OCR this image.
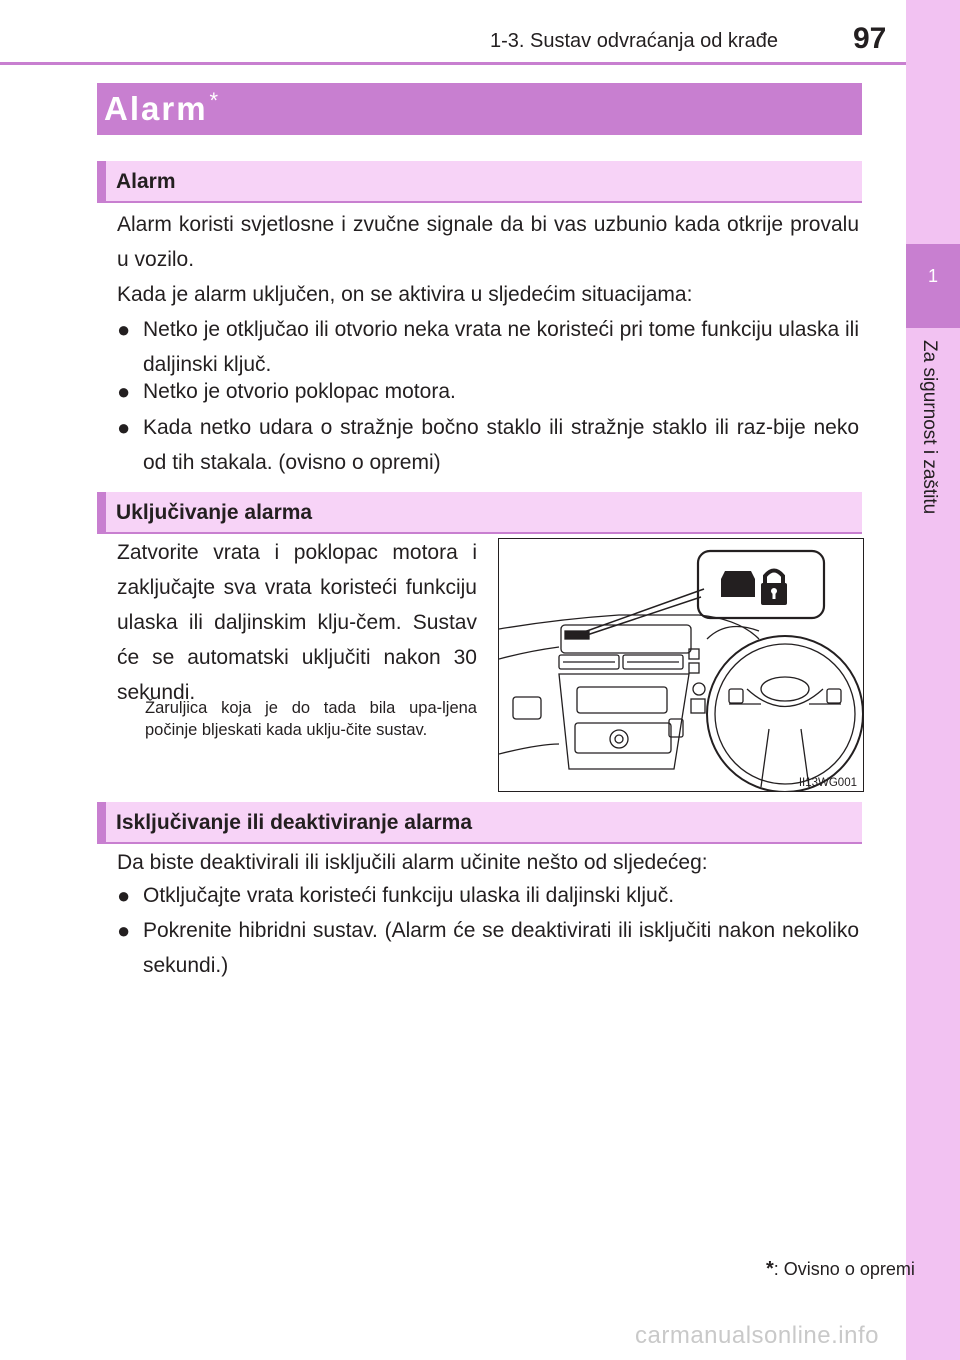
1-3. Sustav odvraćanja od krađe	97
1
Za sigurnost i zaštitu
Alarm*
Alarm

Alarm koristi svjetlosne i zvučne signale da bi vas uzbunio kada otkrije provalu u vozilo.

Kada je alarm uključen, on se aktivira u sljedećim situacijama:

● Netko je otključao ili otvorio neka vrata ne koristeći pri tome funkciju ulaska ili daljinski ključ.
● Netko je otvorio poklopac motora.
● Kada netko udara o stražnje bočno staklo ili stražnje staklo ili raz-bije neko od tih stakala. (ovisno o opremi)
Uključivanje alarma

Zatvorite vrata i poklopac motora i zaključajte sva vrata koristeći funkciju ulaska ili daljinskim klju-čem. Sustav će se automatski uključiti nakon 30 sekundi.

Žaruljica koja je do tada bila upa-ljena počinje bljeskati kada uklju-čite sustav.

II13WG001
Isključivanje ili deaktiviranje alarma

Da biste deaktivirali ili isključili alarm učinite nešto od sljedećeg:

● Otključajte vrata koristeći funkciju ulaska ili daljinski ključ.
● Pokrenite hibridni sustav. (Alarm će se deaktivirati ili isključiti nakon nekoliko sekundi.)
*: Ovisno o opremi
carmanualsonline.info
